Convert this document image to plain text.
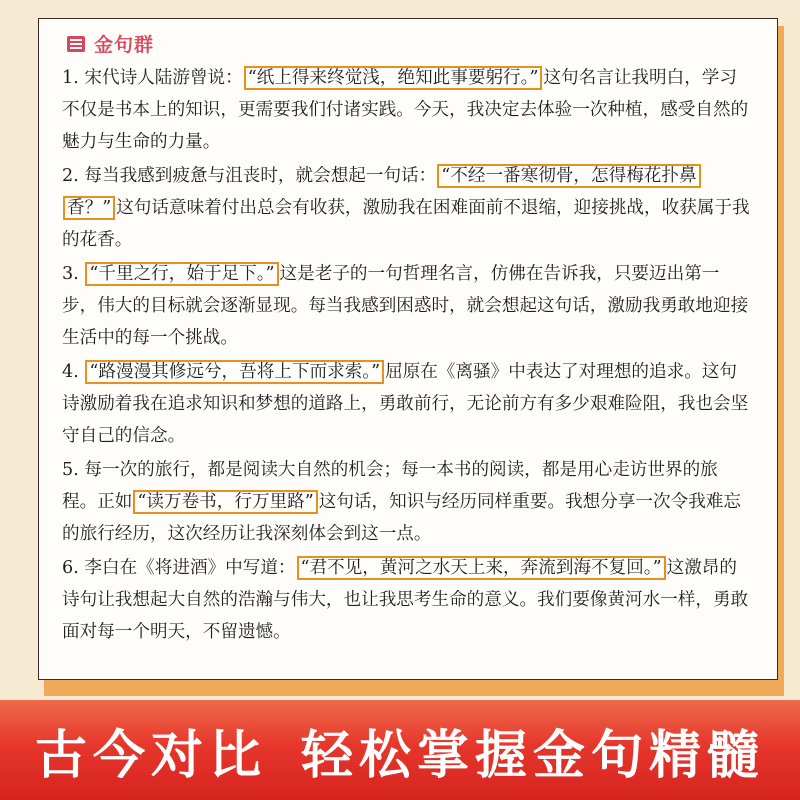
金句群

1. 宋代诗人陆游曾说： “纸上得来终觉浅，绝知此事要躬行。” 这句名言让我明白，学习不仅是书本上的知识，更需要我们付诸实践。今天，我决定去体验一次种植，感受自然的魅力与生命的力量。

2. 每当我感到疲惫与沮丧时，就会想起一句话： “不经一番寒彻骨，怎得梅花扑鼻香？” 这句话意味着付出总会有收获，激励我在困难面前不退缩，迎接挑战，收获属于我的花香。

3. “千里之行，始于足下。” 这是老子的一句哲理名言，仿佛在告诉我，只要迈出第一步，伟大的目标就会逐渐显现。每当我感到困惑时，就会想起这句话，激励我勇敢地迎接生活中的每一个挑战。

4. “路漫漫其修远兮，吾将上下而求索。” 屈原在《离骚》中表达了对理想的追求。这句诗激励着我在追求知识和梦想的道路上，勇敢前行，无论前方有多少艰难险阻，我也会坚守自己的信念。

5. 每一次的旅行，都是阅读大自然的机会；每一本书的阅读，都是用心走访世界的旅程。正如 “读万卷书，行万里路” 这句话，知识与经历同样重要。我想分享一次令我难忘的旅行经历，这次经历让我深刻体会到这一点。

6. 李白在《将进酒》中写道： “君不见，黄河之水天上来，奔流到海不复回。” 这激昂的诗句让我想起大自然的浩瀚与伟大，也让我思考生命的意义。我们要像黄河水一样，勇敢面对每一个明天，不留遗憾。

古今对比 轻松掌握金句精髓
